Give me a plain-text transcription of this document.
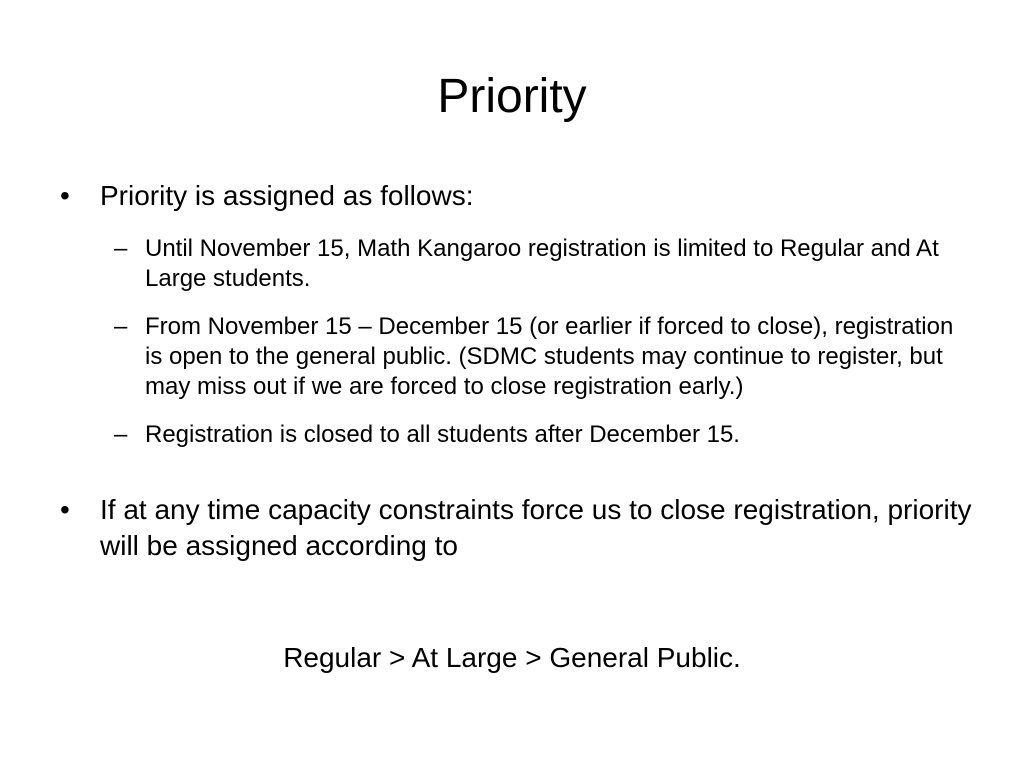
Priority
• Priority is assigned as follows:
– Until November 15, Math Kangaroo registration is limited to Regular and At Large students.
– From November 15 – December 15 (or earlier if forced to close), registration is open to the general public. (SDMC students may continue to register, but may miss out if we are forced to close registration early.)
– Registration is closed to all students after December 15.
• If at any time capacity constraints force us to close registration, priority will be assigned according to
Regular > At Large > General Public.
